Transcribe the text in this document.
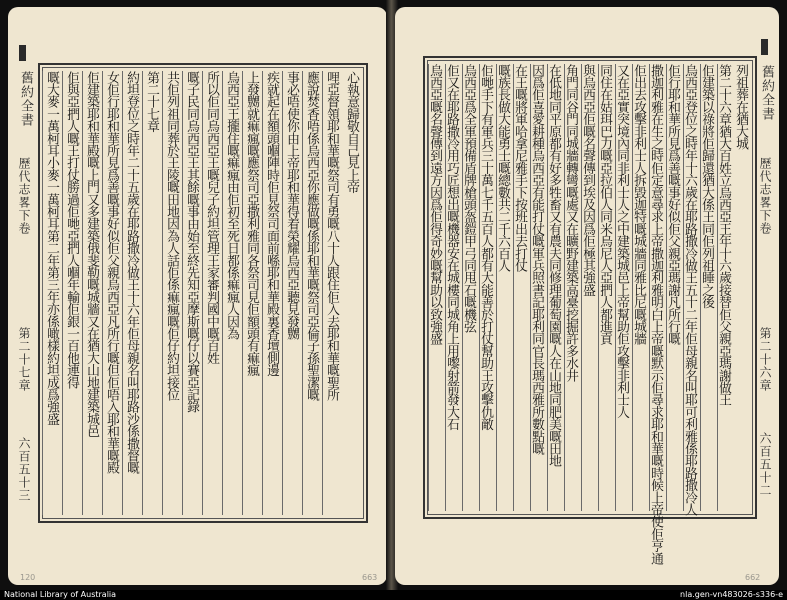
心執意歸敬自己見上帝
哩亞督領耶和華嘅祭司有勇嘅八十人跟住佢入去耶和華嘅聖所
應說焚香唔係烏西亞你應做嘅係耶和華嘅祭司亞倫子孫聖潔嘅
事必唔使你由上帝耶和華得着榮耀烏西亞聽見發嬲
疾就起在額頭嗰陣時佢見祭司面前喺耶和華殿裏香壇側邊
上發嬲就痲瘋嘅應祭司亞撒利雅同各祭司見佢額頭有痲瘋
烏西亞王攏住嘅痲瘋由佢初至死日都係痲瘋人因為
所以佢同烏西亞王嘅兒子約坦管理王家審判國中嘅百姓
嘅子民同烏西亞王其餘嘅事由始至終先知亞摩斯嘅仔以賽亞記錄
共佢列祖同葬於王陵嘅田地因為人話佢係痲瘋嘅佢仔約坦接位
第二十七章
約坦登位之時年二十五歲在耶路撒冷做王十六年佢母親名叫耶路沙係撒督嘅
女佢行耶和華所見爲善嘅事好似佢父親烏西亞凡所行嘅但佢唔入耶和華嘅殿
佢建築耶和華殿嘅上門又多建築俄斐勒嘅城牆又在猶大山地建築城邑
佢與亞捫人嘅王打仗勝過佢哋亞捫人嗰年輸佢銀一百他連得
嘅大麥一萬柯耳小麥一萬柯耳第二年第三年亦係噉樣約坦成爲強盛
舊約全書
歷代志畧下卷
第二十七章
六百五十三
663
120
列祖葬在猶大城
第二十六章猶大百姓立烏西亞王年十六歲接替佢父親亞瑪謝做王
佢建築以祿將佢歸還猶大係王同佢列祖睡之後
烏西亞登位之時年十六歲在耶路撒冷做王五十二年佢母親名叫耶可利雅係耶路撒冷人
佢行耶和華所見爲善嘅事好似佢父親亞瑪謝凡所行嘅
撒迦利雅在生之時佢定意尋求上帝撒迦利雅明白上帝嘅默示佢尋求耶和華嘅時候上帝使佢亨通
佢出去攻擊非利士人拆毀迦特嘅城牆同雅比尼嘅城牆
又在亞實突境內同非利士人之中建築城邑上帝幫助佢攻擊非利士人
同住在姑珥巴力嘅亞拉伯人同米烏尼人亞捫人都進貢
與烏西亞佢嘅名聲傳到埃及因爲佢極其強盛
角門同谷門同城牆轉彎嘅處又在曠野建築高臺挖掘許多水井
在低地同平原都有好多牲畜又有農夫同修理葡萄園嘅人在山地同肥美嘅田地
因爲佢喜愛耕種烏西亞有能打仗嘅軍兵照書記耶利同官長瑪西雅所數點嘅
在王嘅將軍哈拿尼雅手下按班出去打仗
嘅族長做大能勇士嘅總數共二千六百人
佢哋手下有軍兵三十萬七千五百人都有大能善於打仗幫助王攻擊仇敵
烏西亞爲全軍預備盾牌槍頭盔鎧甲弓同甩石嘅機弦
佢又在耶路撒冷用巧匠想出嘅機器安在城樓同城角上用嚟射箭發大石
烏西亞嘅名聲傳到遠方因爲佢得奇妙嘅幫助以致強盛	舊約全書
歷代志畧下卷
第二十六章
六百五十二
662
National Library of Australia	nla.gen-vn483026-s336-e
